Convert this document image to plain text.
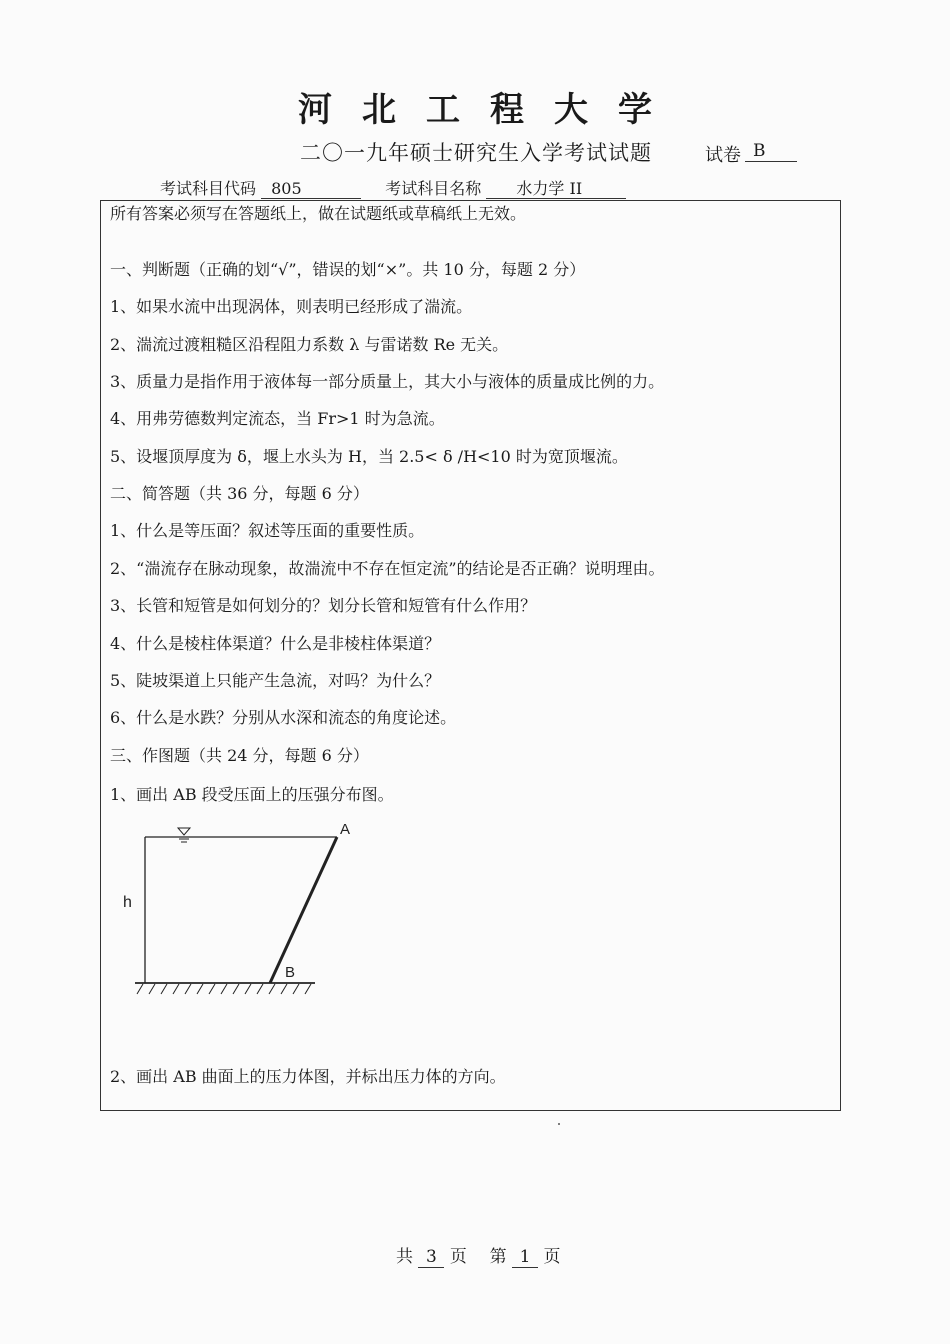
河北工程大学
二〇一九年硕士研究生入学考试试题	试卷 B
考试科目代码 805	考试科目名称 水力学 II
所有答案必须写在答题纸上，做在试题纸或草稿纸上无效。
一、判断题（正确的划“√”，错误的划“×”。共 10 分，每题 2 分）
1、如果水流中出现涡体，则表明已经形成了湍流。
2、湍流过渡粗糙区沿程阻力系数 λ 与雷诺数 Re 无关。
3、质量力是指作用于液体每一部分质量上，其大小与液体的质量成比例的力。
4、用弗劳德数判定流态，当 Fr>1 时为急流。
5、设堰顶厚度为 δ，堰上水头为 H，当 2.5< δ /H<10 时为宽顶堰流。
二、简答题（共 36 分，每题 6 分）
1、什么是等压面？叙述等压面的重要性质。
2、“湍流存在脉动现象，故湍流中不存在恒定流”的结论是否正确？说明理由。
3、长管和短管是如何划分的？划分长管和短管有什么作用？
4、什么是棱柱体渠道？什么是非棱柱体渠道？
5、陡坡渠道上只能产生急流，对吗？为什么？
6、什么是水跌？分别从水深和流态的角度论述。
三、作图题（共 24 分，每题 6 分）
1、画出 AB 段受压面上的压强分布图。
A
B
h
2、画出 AB 曲面上的压力体图，并标出压力体的方向。
共 3 页 第 1 页
